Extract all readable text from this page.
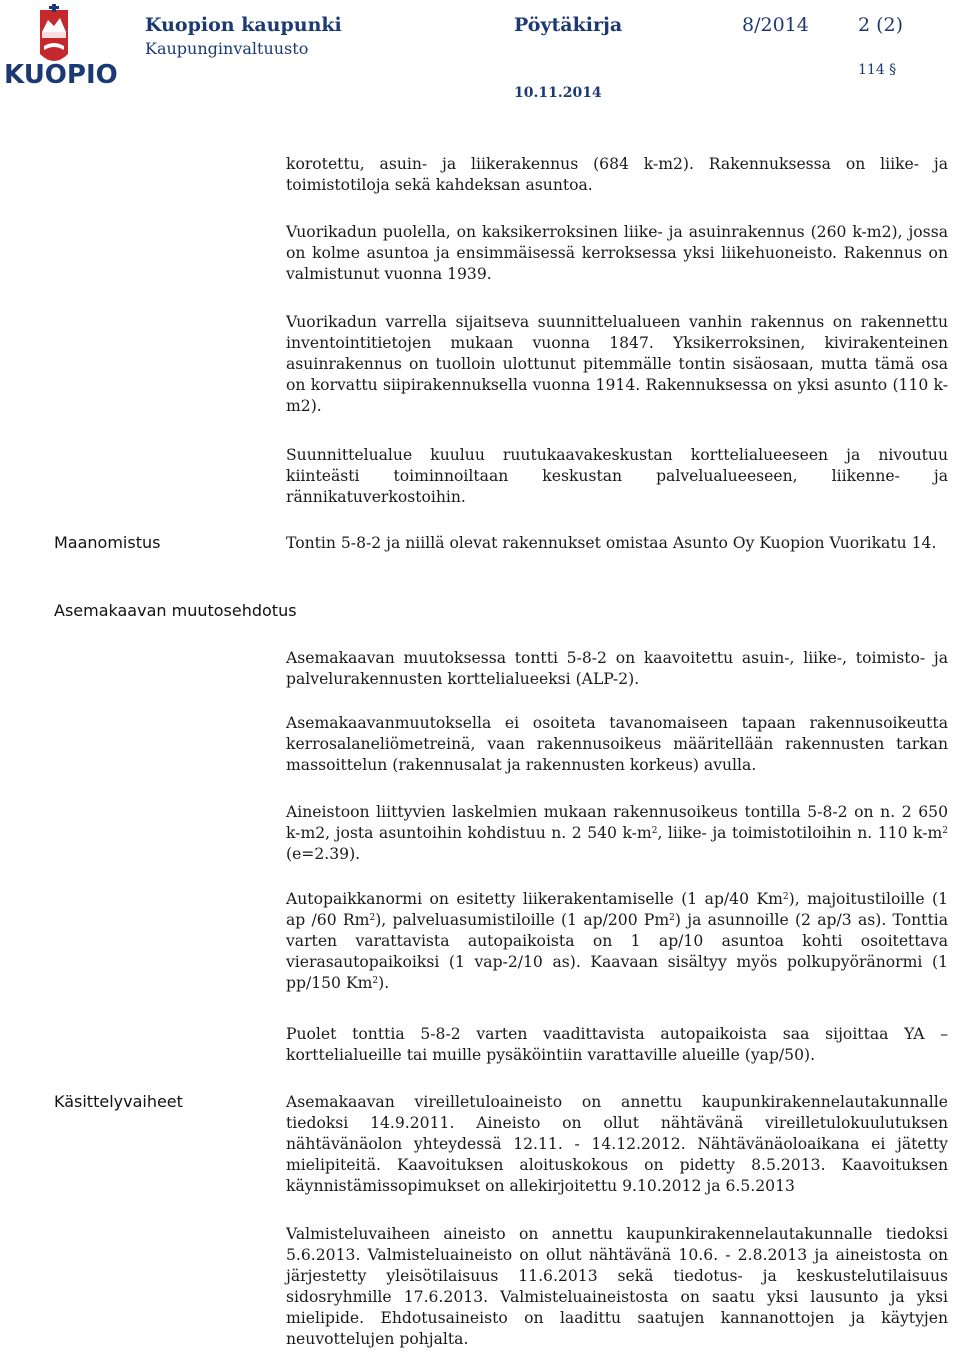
KUOPIO
Kuopion kaupunki
Kaupunginvaltuusto
Pöytäkirja	8/2014	2 (2)
114 §
10.11.2014

korotettu, asuin- ja liikerakennus (684 k-m2). Rakennuksessa on liike- ja toimistotiloja sekä kahdeksan asuntoa.

Vuorikadun puolella, on kaksikerroksinen liike- ja asuinrakennus (260 k-m2), jossa on kolme asuntoa ja ensimmäisessä kerroksessa yksi liikehuoneisto. Rakennus on valmistunut vuonna 1939.

Vuorikadun varrella sijaitseva suunnittelualueen vanhin rakennus on rakennettu inventointitietojen mukaan vuonna 1847. Yksikerroksinen, kivirakenteinen asuinrakennus on tuolloin ulottunut pitemmälle tontin sisäosaan, mutta tämä osa on korvattu siipirakennuksella vuonna 1914. Rakennuksessa on yksi asunto (110 k-m2).

Suunnittelualue kuuluu ruutukaavakeskustan korttelialueeseen ja nivoutuu kiinteästi toiminnoiltaan keskustan palvelualueeseen, liikenne- ja rännikatuverkostoihin.

Maanomistus	Tontin 5-8-2 ja niillä olevat rakennukset omistaa Asunto Oy Kuopion Vuorikatu 14.

Asemakaavan muutosehdotus

Asemakaavan muutoksessa tontti 5-8-2 on kaavoitettu asuin-, liike-, toimisto- ja palvelurakennusten korttelialueeksi (ALP-2).

Asemakaavanmuutoksella ei osoiteta tavanomaiseen tapaan rakennusoikeutta kerrosalaneliömetreinä, vaan rakennusoikeus määritellään rakennusten tarkan massoittelun (rakennusalat ja rakennusten korkeus) avulla.

Aineistoon liittyvien laskelmien mukaan rakennusoikeus tontilla 5-8-2 on n. 2 650 k-m2, josta asuntoihin kohdistuu n. 2 540 $k-m^2$, liike- ja toimistotiloihin n. 110 $k-m^2$ (e=2.39).

Autopaikkanormi on esitetty liikerakentamiselle (1 ap/40 Km$^2$), majoitustiloille (1 ap /60 Rm$^2$), palveluasumistiloille (1 ap/200 Pm$^2$) ja asunnoille (2 ap/3 as). Tonttia varten varattavista autopaikoista on 1 ap/10 asuntoa kohti osoitettava vierasautopaikoiksi (1 vap-2/10 as). Kaavaan sisältyy myös polkupyöränormi (1 pp/150 Km$^2$).

Puolet tonttia 5-8-2 varten vaadittavista autopaikoista saa sijoittaa YA –korttelialueille tai muille pysäköintiin varattaville alueille (yap/50).

Käsittelyvaiheet	Asemakaavan vireilletuloaineisto on annettu kaupunkirakennelautakunnalle tiedoksi 14.9.2011. Aineisto on ollut nähtävänä vireilletulokuulutuksen nähtävänäolon yhteydessä 12.11. - 14.12.2012. Nähtävänäoloaikana ei jätetty mielipiteitä. Kaavoituksen aloituskokous on pidetty 8.5.2013. Kaavoituksen käynnistämissopimukset on allekirjoitettu 9.10.2012 ja 6.5.2013

Valmisteluvaiheen aineisto on annettu kaupunkirakennelautakunnalle tiedoksi 5.6.2013. Valmisteluaineisto on ollut nähtävänä 10.6. - 2.8.2013 ja aineistosta on järjestetty yleisötilaisuus 11.6.2013 sekä tiedotus- ja keskustelutilaisuus sidosryhmille 17.6.2013. Valmisteluaineistosta on saatu yksi lausunto ja yksi mielipide. Ehdotusaineisto on laadittu saatujen kannanottojen ja käytyjen neuvottelujen pohjalta.
